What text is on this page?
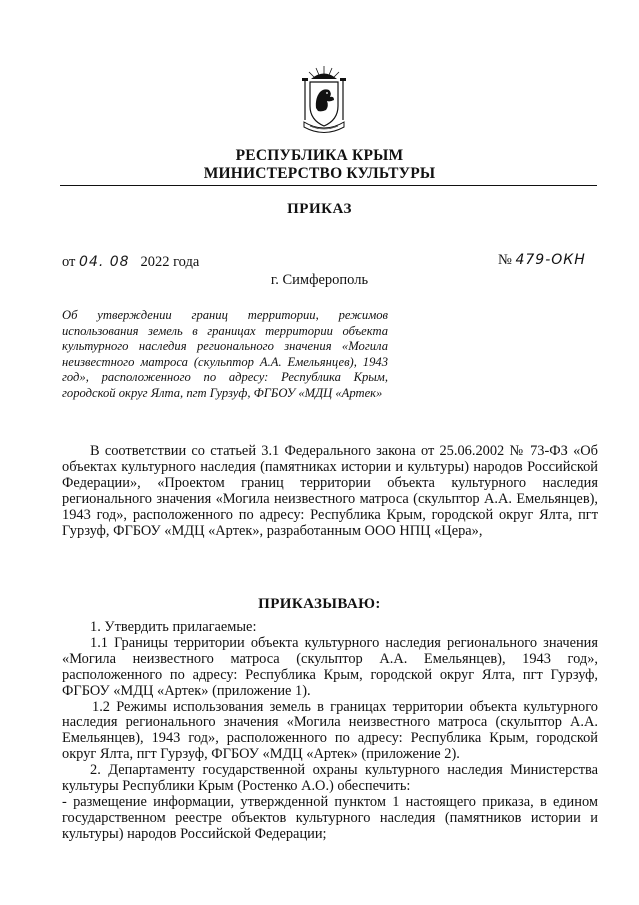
РЕСПУБЛИКА КРЫМ
МИНИСТЕРСТВО КУЛЬТУРЫ
ПРИКАЗ
от 04. 08 2022 года	№ 479-ОКН
г. Симферополь
Об утверждении границ территории, режимов использования земель в границах территории объекта культурного наследия регионального значения «Могила неизвестного матроса (скульптор А.А. Емельянцев), 1943 год», расположенного по адресу: Республика Крым, городской округ Ялта, пгт Гурзуф, ФГБОУ «МДЦ «Артек»
В соответствии со статьей 3.1 Федерального закона от 25.06.2002 № 73-ФЗ «Об объектах культурного наследия (памятниках истории и культуры) народов Российской Федерации», «Проектом границ территории объекта культурного наследия регионального значения «Могила неизвестного матроса (скульптор А.А. Емельянцев), 1943 год», расположенного по адресу: Республика Крым, городской округ Ялта, пгт Гурзуф, ФГБОУ «МДЦ «Артек», разработанным ООО НПЦ «Цера»,
ПРИКАЗЫВАЮ:

1. Утвердить прилагаемые:

1.1 Границы территории объекта культурного наследия регионального значения «Могила неизвестного матроса (скульптор А.А. Емельянцев), 1943 год», расположенного по адресу: Республика Крым, городской округ Ялта, пгт Гурзуф, ФГБОУ «МДЦ «Артек» (приложение 1).

1.2 Режимы использования земель в границах территории объекта культурного наследия регионального значения «Могила неизвестного матроса (скульптор А.А. Емельянцев), 1943 год», расположенного по адресу: Республика Крым, городской округ Ялта, пгт Гурзуф, ФГБОУ «МДЦ «Артек» (приложение 2).

2. Департаменту государственной охраны культурного наследия Министерства культуры Республики Крым (Ростенко А.О.) обеспечить:

- размещение информации, утвержденной пунктом 1 настоящего приказа, в едином государственном реестре объектов культурного наследия (памятников истории и культуры) народов Российской Федерации;
